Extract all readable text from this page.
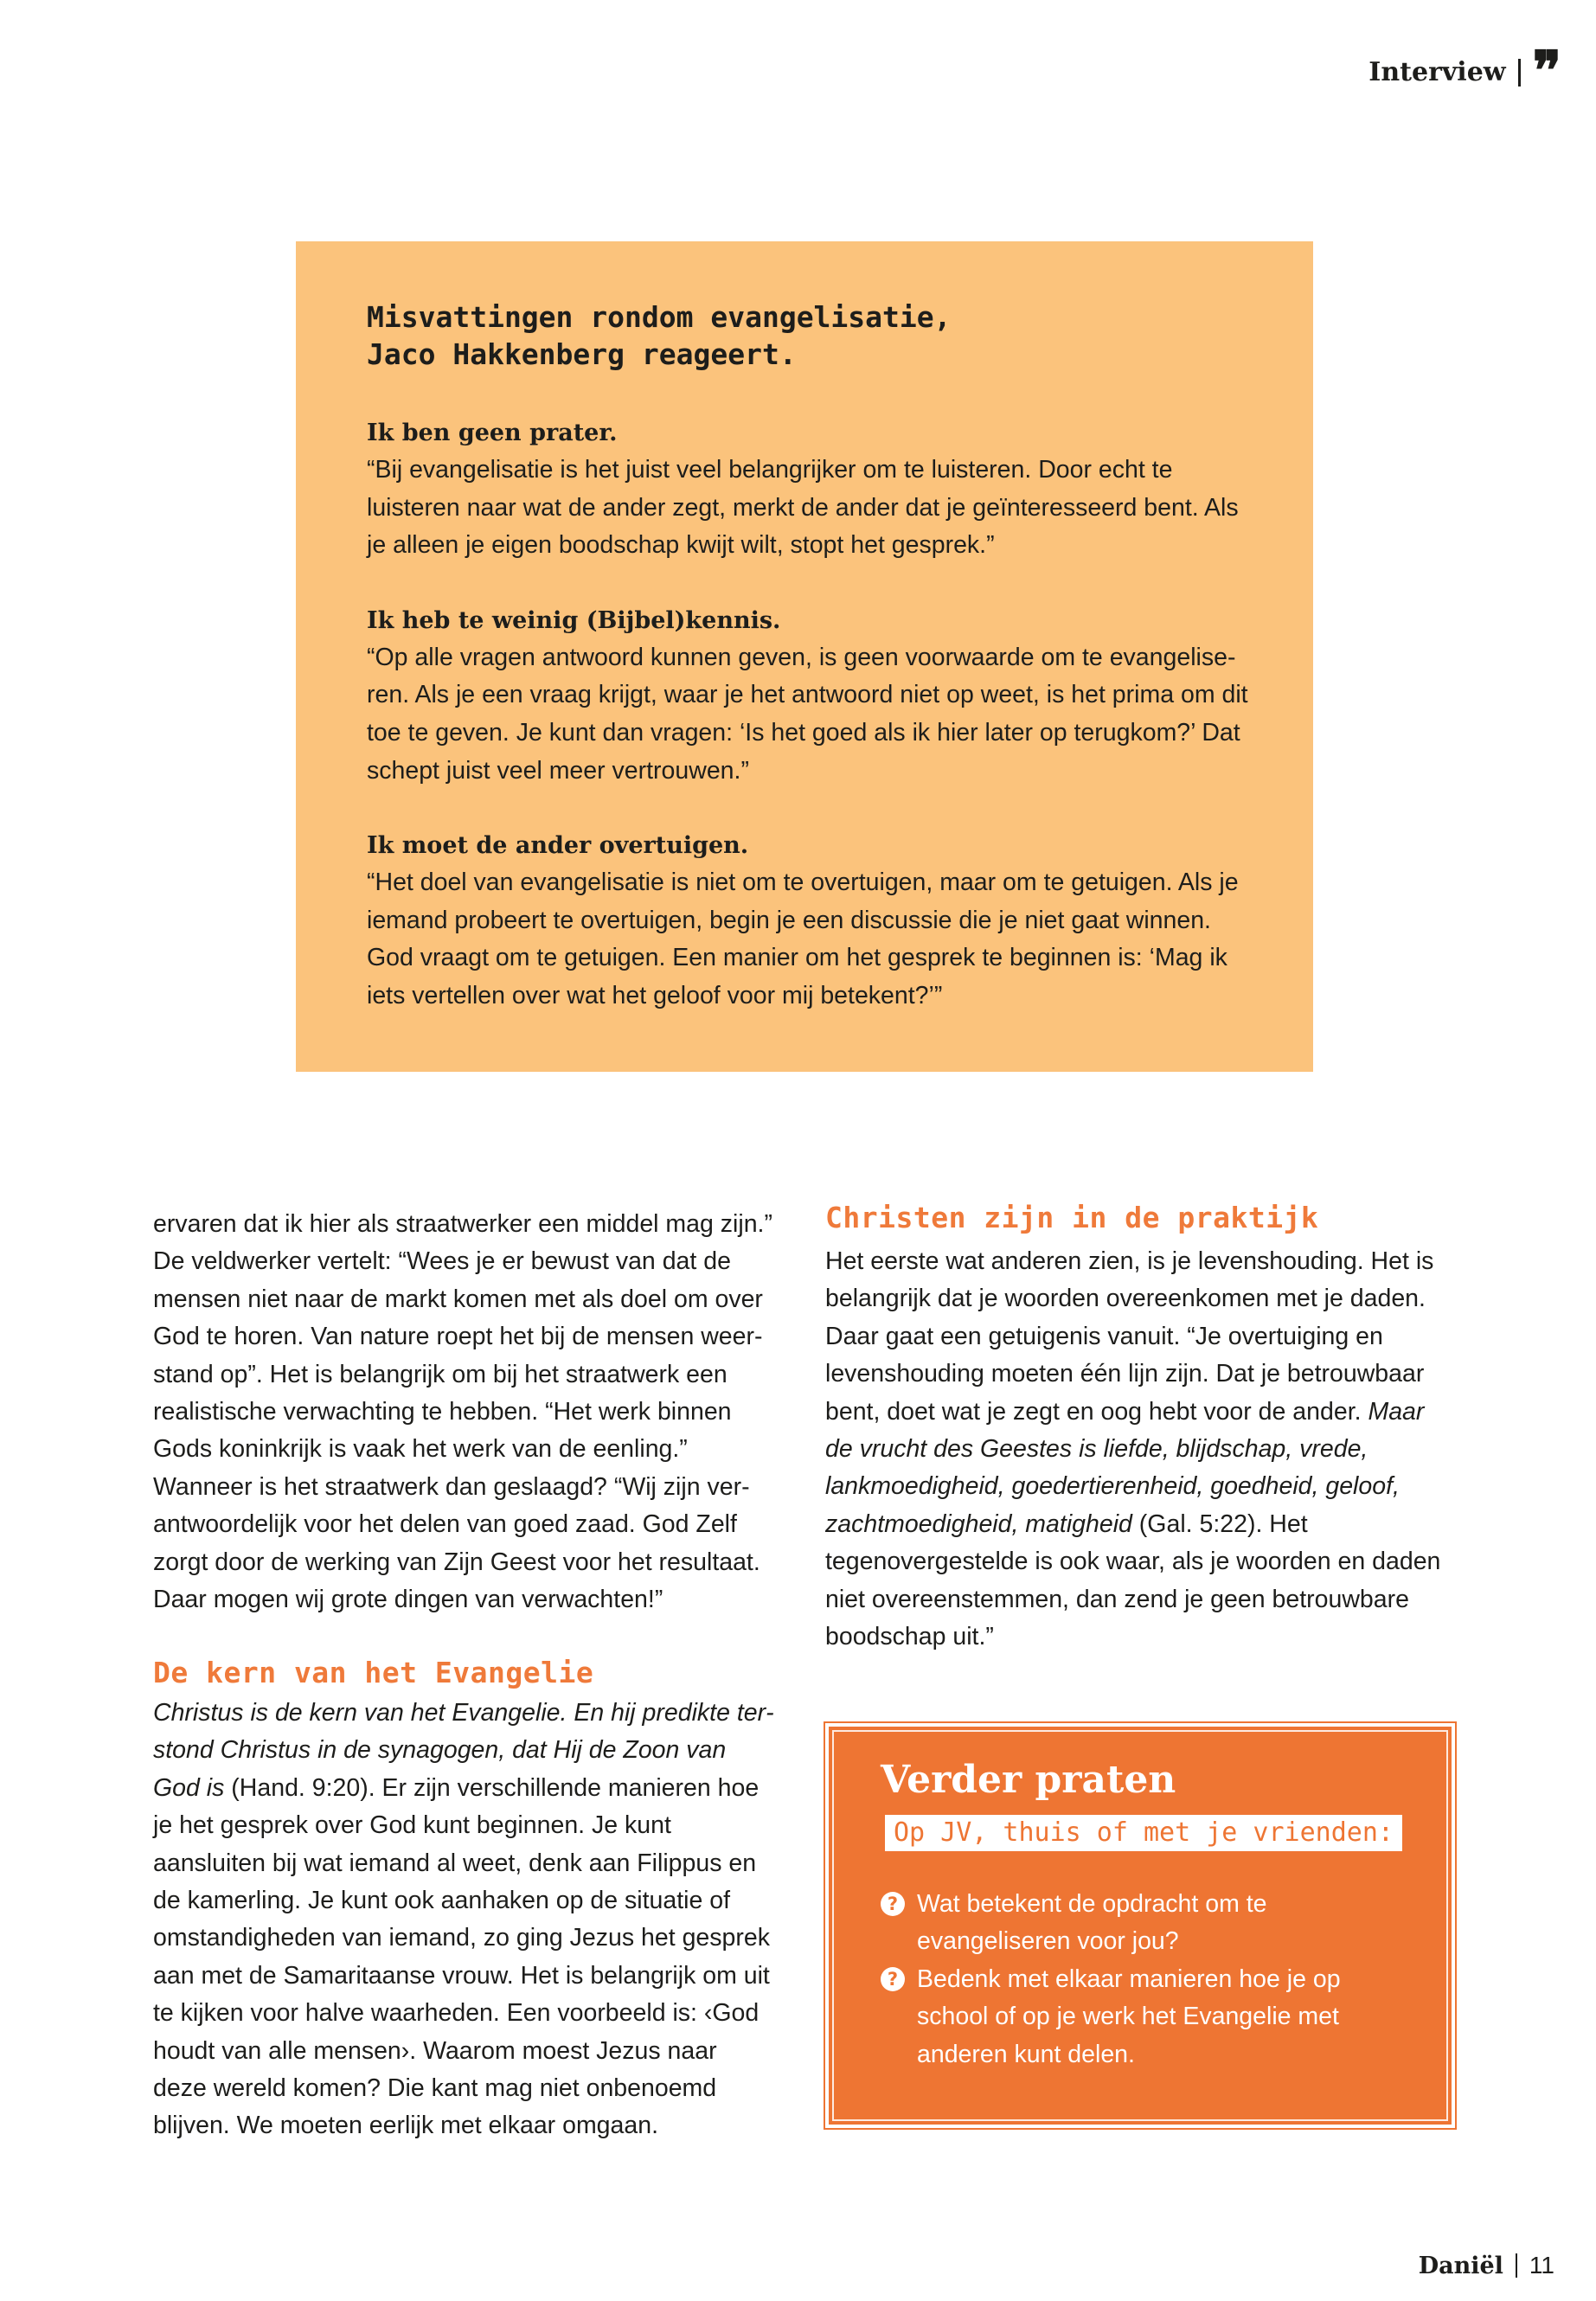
Interview ❞
Misvattingen rondom evangelisatie,
Jaco Hakkenberg reageert.
Ik ben geen prater.
“Bij evangelisatie is het juist veel belangrijker om te luisteren. Door echt te luisteren naar wat de ander zegt, merkt de ander dat je geïnteresseerd bent. Als je alleen je eigen boodschap kwijt wilt, stopt het gesprek.”
Ik heb te weinig (Bijbel)kennis.
“Op alle vragen antwoord kunnen geven, is geen voorwaarde om te evangeliseren. Als je een vraag krijgt, waar je het antwoord niet op weet, is het prima om dit toe te geven. Je kunt dan vragen: ‘Is het goed als ik hier later op terugkom?’ Dat schept juist veel meer vertrouwen.”
Ik moet de ander overtuigen.
“Het doel van evangelisatie is niet om te overtuigen, maar om te getuigen. Als je iemand probeert te overtuigen, begin je een discussie die je niet gaat winnen. God vraagt om te getuigen. Een manier om het gesprek te beginnen is: ‘Mag ik iets vertellen over wat het geloof voor mij betekent?’”

ervaren dat ik hier als straatwerker een middel mag zijn.” De veldwerker vertelt: “Wees je er bewust van dat de mensen niet naar de markt komen met als doel om over God te horen. Van nature roept het bij de mensen weerstand op”. Het is belangrijk om bij het straatwerk een realistische verwachting te hebben. “Het werk binnen Gods koninkrijk is vaak het werk van de eenling.” Wanneer is het straatwerk dan geslaagd? “Wij zijn verantwoordelijk voor het delen van goed zaad. God Zelf zorgt door de werking van Zijn Geest voor het resultaat. Daar mogen wij grote dingen van verwachten!”

De kern van het Evangelie

Christus is de kern van het Evangelie. En hij predikte terstond Christus in de synagogen, dat Hij de Zoon van God is (Hand. 9:20). Er zijn verschillende manieren hoe je het gesprek over God kunt beginnen. Je kunt aansluiten bij wat iemand al weet, denk aan Filippus en de kamerling. Je kunt ook aanhaken op de situatie of omstandigheden van iemand, zo ging Jezus het gesprek aan met de Samaritaanse vrouw. Het is belangrijk om uit te kijken voor halve waarheden. Een voorbeeld is: ‹God houdt van alle mensen›. Waarom moest Jezus naar deze wereld komen? Die kant mag niet onbenoemd blijven. We moeten eerlijk met elkaar omgaan.

Christen zijn in de praktijk

Het eerste wat anderen zien, is je levenshouding. Het is belangrijk dat je woorden overeenkomen met je daden. Daar gaat een getuigenis vanuit. “Je overtuiging en levenshouding moeten één lijn zijn. Dat je betrouwbaar bent, doet wat je zegt en oog hebt voor de ander. Maar de vrucht des Geestes is liefde, blijdschap, vrede, lankmoedigheid, goedertierenheid, goedheid, geloof, zachtmoedigheid, matigheid (Gal. 5:22). Het tegenovergestelde is ook waar, als je woorden en daden niet overeenstemmen, dan zend je geen betrouwbare boodschap uit.”

Verder praten
Op JV, thuis of met je vrienden:
? Wat betekent de opdracht om te evangeliseren voor jou?
? Bedenk met elkaar manieren hoe je op school of op je werk het Evangelie met anderen kunt delen.
Daniël 11
